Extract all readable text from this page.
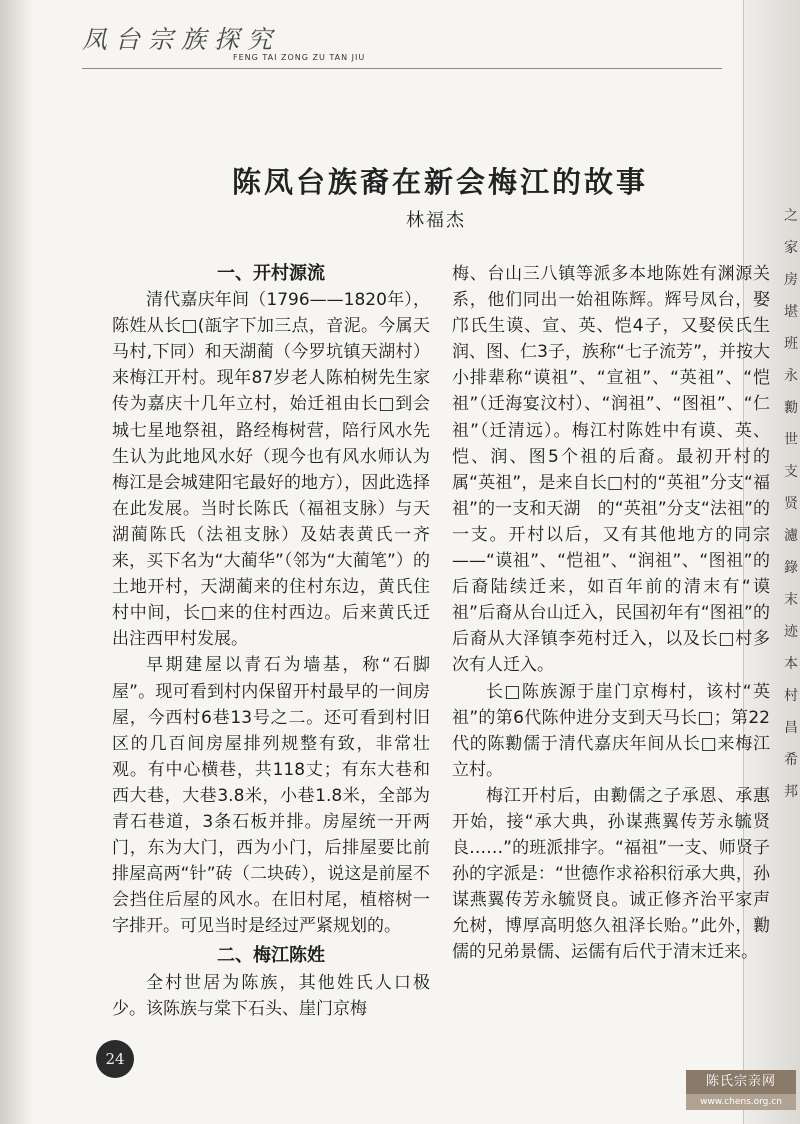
凤台宗族探究
FENG TAI ZONG ZU TAN JIU
陈凤台族裔在新会梅江的故事
林福杰

一、开村源流

清代嘉庆年间（1796——1820年），陈姓从长□(瓿字下加三点，音泥。今属天马村,下同）和天湖蔺（今罗坑镇天湖村）来梅江开村。现年87岁老人陈柏树先生家传为嘉庆十几年立村，始迁祖由长□到会城七星地祭祖，路经梅树营，陪行风水先生认为此地风水好（现今也有风水师认为梅江是会城建阳宅最好的地方），因此选择在此发展。当时长陈氏（福祖支脉）与天湖蔺陈氏（法祖支脉）及姑表黄氏一齐来，买下名为“大蔺华”（邻为“大蔺笔”）的土地开村，天湖蔺来的住村东边，黄氏住村中间，长□来的住村西边。后来黄氏迁出注西甲村发展。

早期建屋以青石为墙基，称“石脚屋”。现可看到村内保留开村最早的一间房屋，今西村6巷13号之二。还可看到村旧区的几百间房屋排列规整有致，非常壮观。有中心横巷，共118丈；有东大巷和西大巷，大巷3.8米，小巷1.8米，全部为青石巷道，3条石板并排。房屋统一开两门，东为大门，西为小门，后排屋要比前排屋高两“针”砖（二块砖），说这是前屋不会挡住后屋的风水。在旧村尾，植榕树一字排开。可见当时是经过严紧规划的。

二、梅江陈姓

全村世居为陈族，其他姓氏人口极少。该陈族与棠下石头、崖门京梅

梅、台山三八镇等派多本地陈姓有渊源关系，他们同出一始祖陈辉。辉号凤台，娶邝氏生谟、宣、英、恺4子，又娶侯氏生润、图、仁3子，族称“七子流芳”，并按大小排辈称“谟祖”、“宣祖”、“英祖”、“恺祖”（迁海宴汶村）、“润祖”、“图祖”、“仁祖”（迁清远）。梅江村陈姓中有谟、英、恺、润、图5个祖的后裔。最初开村的属“英祖”，是来自长□村的“英祖”分支“福祖”的一支和天湖　的“英祖”分支“法祖”的一支。开村以后，又有其他地方的同宗——“谟祖”、“恺祖”、“润祖”、“图祖”的后裔陆续迁来，如百年前的清末有“谟祖”后裔从台山迁入，民国初年有“图祖”的后裔从大泽镇李苑村迁入，以及长□村多次有人迁入。

长□陈族源于崖门京梅村，该村“英祖”的第6代陈仲进分支到天马长□；第22代的陈勷儒于清代嘉庆年间从长□来梅江立村。

梅江开村后，由勷儒之子承恩、承惠开始，接“承大典，孙谋燕翼传芳永毓贤良……”的班派排字。“福祖”一支、师贤子孙的字派是：“世德作求裕积衍承大典，孙谋燕翼传芳永毓贤良。诚正修齐治平家声允树，博厚高明悠久祖泽长贻。”此外，勷儒的兄弟景儒、运儒有后代于清末迁来。

24
之家房堪班永勷世支贤濾錄末迹本村昌希邦
陈氏宗亲网
www.chens.org.cn
